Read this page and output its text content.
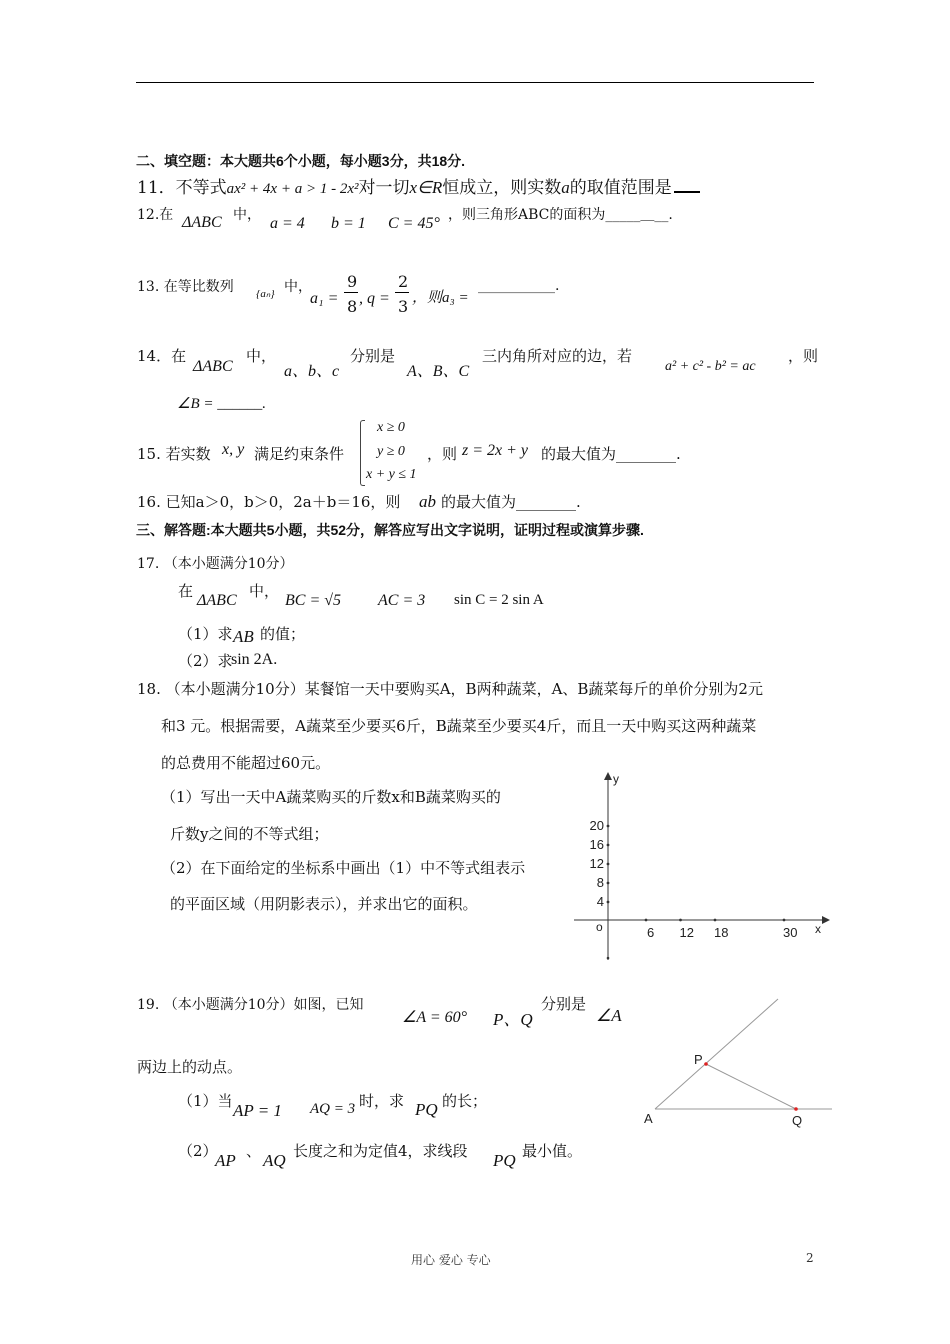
二、填空题：本大题共6个小题，每小题3分，共18分.
11．不等式ax² + 4x + a > 1 - 2x²对一切x∈R恒成立，则实数a的取值范围是
12.在 ΔABC 中， a = 4 b = 1 C = 45° ，则三角形ABC的面积为_____＿__.
13. 在等比数列 {aₙ} 中，
a₁ =
9
8 , q =
2
3 ，则a₃ =
___________.
14．在
ΔABC
中，
a、b、c
分别是
A、B、C
三内角所对应的边，若
a² + c² - b² = ac
，则
∠B = ______.
15. 若实数 x, y 满足约束条件
x ≥ 0
y ≥ 0
x + y ≤ 1
，则 z = 2x + y 的最大值为________.
16. 已知a＞0，b＞0，2a＋b＝16，则 ab 的最大值为________.
三、解答题:本大题共5小题，共52分，解答应写出文字说明，证明过程或演算步骤.
17. （本小题满分10分）
在
ΔABC
中，
BC = √5 AC = 3 sin C = 2 sin A
（1）求 AB 的值；
（2）求
sin 2A.
18. （本小题满分10分）某餐馆一天中要购买A，B两种蔬菜，A、B蔬菜每斤的单价分别为2元
和3 元。根据需要，A蔬菜至少要买6斤，B蔬菜至少要买4斤，而且一天中购买这两种蔬菜
的总费用不能超过60元。
（1）写出一天中A蔬菜购买的斤数x和B蔬菜购买的
斤数y之间的不等式组；
（2）在下面给定的坐标系中画出（1）中不等式组表示
的平面区域（用阴影表示），并求出它的面积。
x
y
o	6 12 18	30
4
8
12
16
20
19. （本小题满分10分）如图，已知
∠A = 60° P、Q
分别是
∠A
两边上的动点。
（1）当 AP = 1 AQ = 3 时，求 PQ 的长；
（2）
AP 、 AQ 长度之和为定值4，求线段 PQ 最小值。
P
A	Q
用心 爱心 专心	2
